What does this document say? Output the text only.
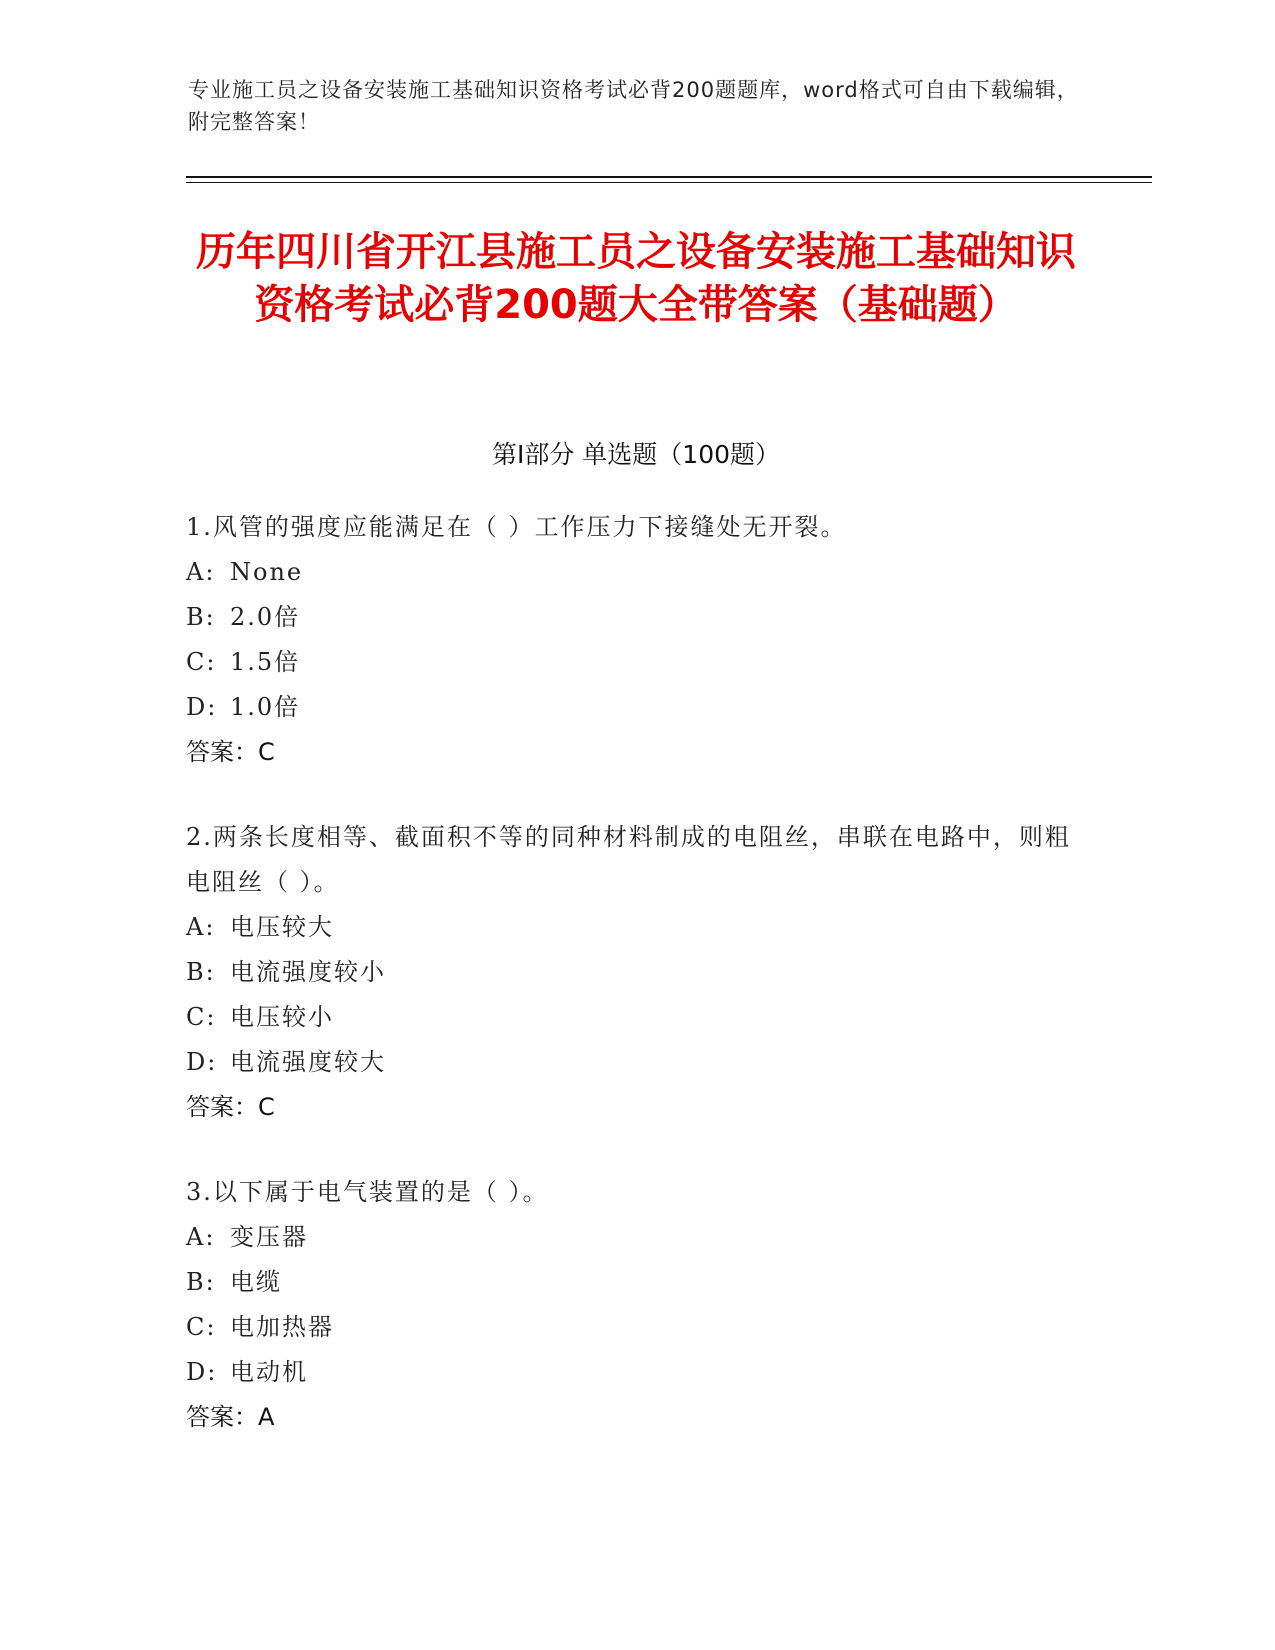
专业施工员之设备安装施工基础知识资格考试必背200题题库，word格式可自由下载编辑，附完整答案！
历年四川省开江县施工员之设备安装施工基础知识资格考试必背200题大全带答案（基础题）
第Ⅰ部分 单选题（100题）

1.风管的强度应能满足在（ ）工作压力下接缝处无开裂。

A: None

B: 2.0倍

C: 1.5倍

D: 1.0倍

答案：C

2.两条长度相等、截面积不等的同种材料制成的电阻丝，串联在电路中，则粗电阻丝（ ）。

A: 电压较大

B: 电流强度较小

C: 电压较小

D: 电流强度较大

答案：C

3.以下属于电气装置的是（ ）。

A: 变压器

B: 电缆

C: 电加热器

D: 电动机

答案：A
